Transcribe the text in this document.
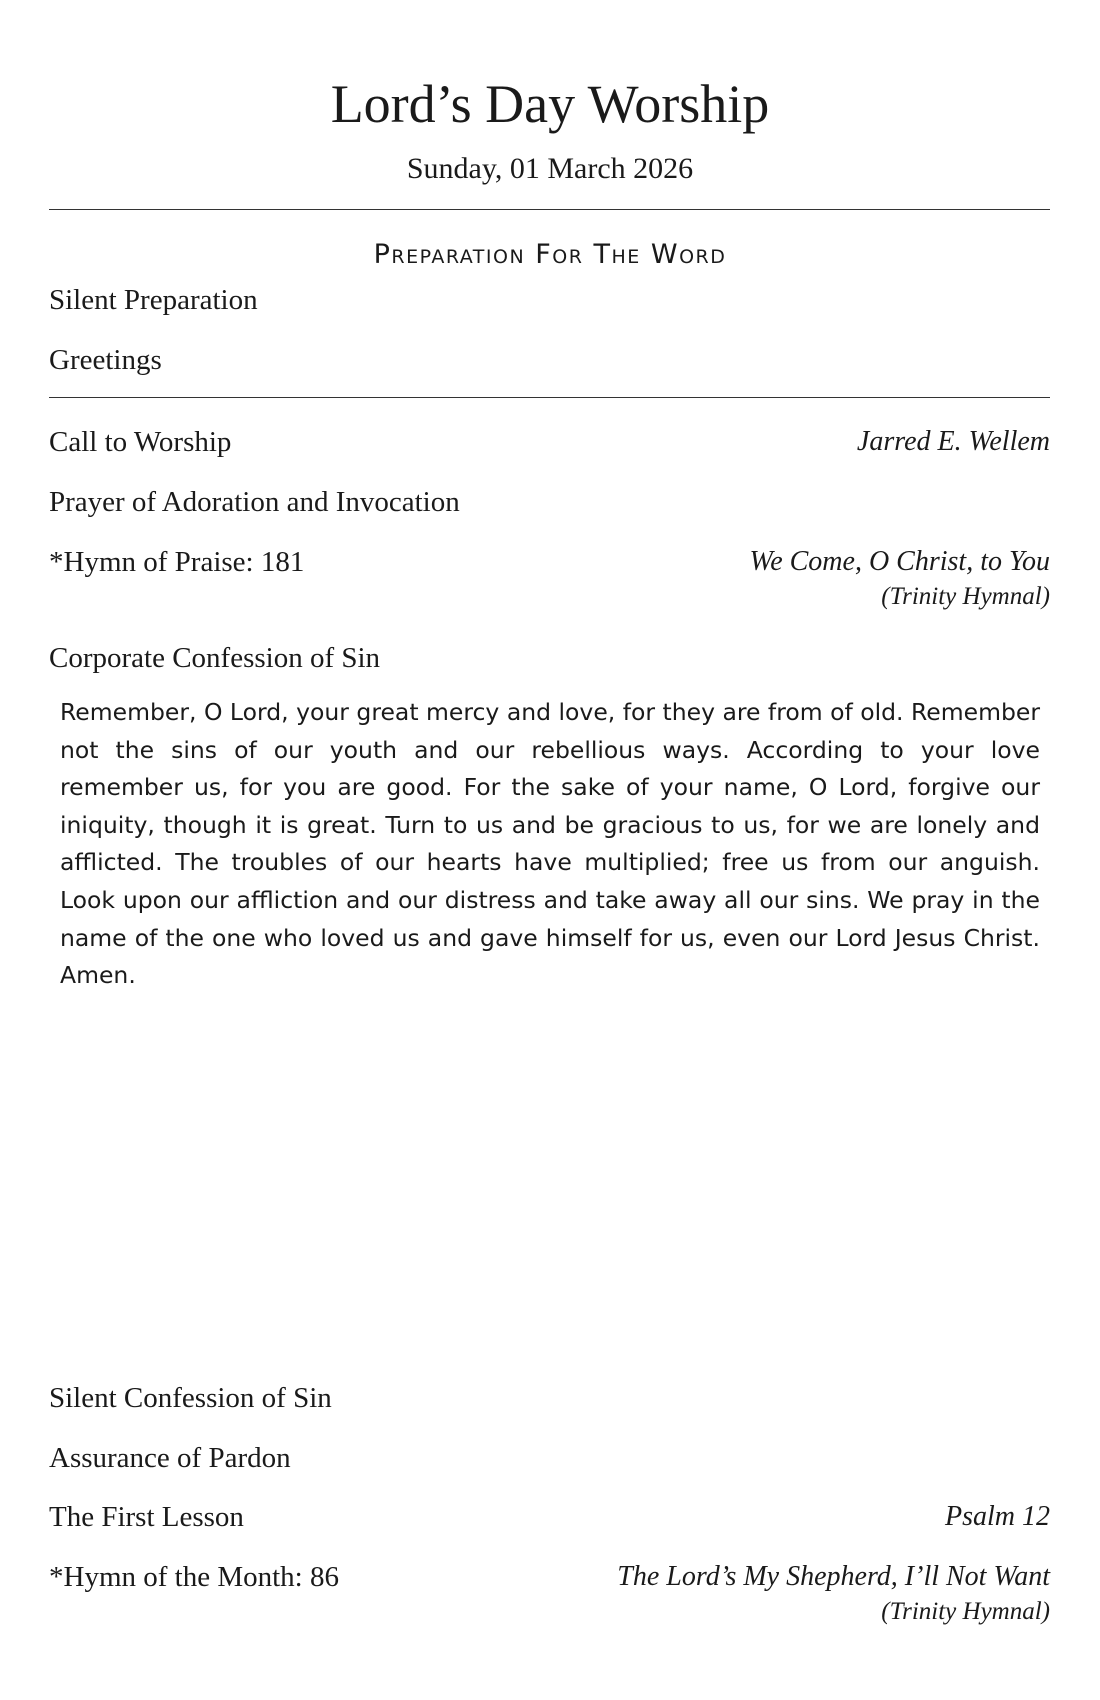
Lord’s Day Worship
Sunday, 01 March 2026
Preparation For The Word
Silent Preparation
Greetings
Call to Worship	Jarred E. Wellem
Prayer of Adoration and Invocation
*Hymn of Praise: 181	We Come, O Christ, to You
(Trinity Hymnal)
Corporate Confession of Sin
Remember, O Lord, your great mercy and love, for they are from of old. Remember not the sins of our youth and our rebellious ways. According to your love remember us, for you are good. For the sake of your name, O Lord, forgive our iniquity, though it is great. Turn to us and be gracious to us, for we are lonely and afflicted. The troubles of our hearts have multiplied; free us from our anguish. Look upon our affliction and our distress and take away all our sins. We pray in the name of the one who loved us and gave himself for us, even our Lord Jesus Christ. Amen.
Silent Confession of Sin
Assurance of Pardon
The First Lesson	Psalm 12
*Hymn of the Month: 86	The Lord’s My Shepherd, I’ll Not Want
(Trinity Hymnal)
